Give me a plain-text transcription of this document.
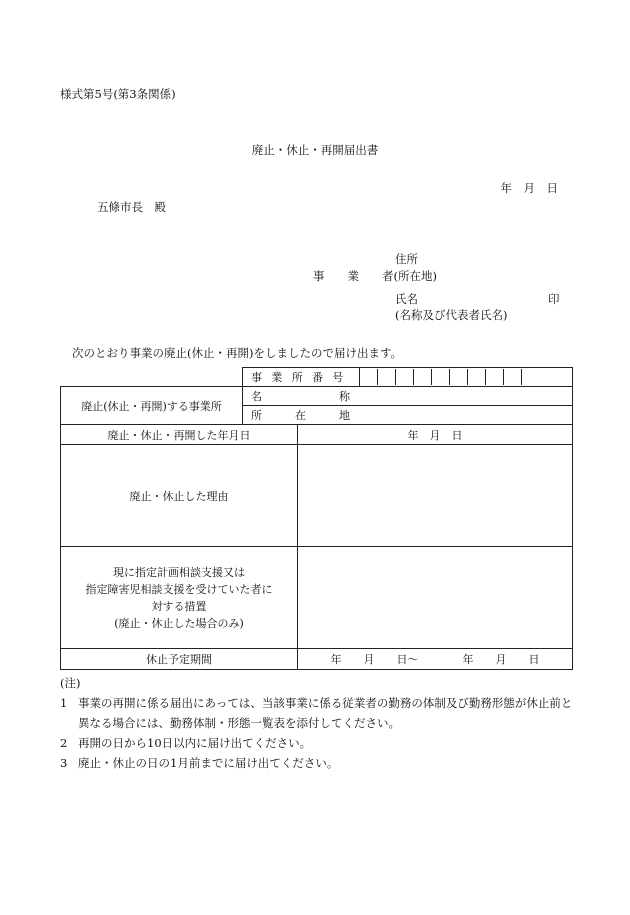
様式第5号(第3条関係)
廃止・休止・再開届出書
年　月　日
五條市長　殿
住所
事　　業　　者(所在地)
氏名	印
(名称及び代表者氏名)
次のとおり事業の廃止(休止・再開)をしましたので届け出ます。
	事業所番号		
廃止(休止・再開)する事業所	名　　　　　　　称		
	所　　　在　　　地		
廃止・休止・再開した年月日		年　月　日	
廃止・休止した理由			

現に指定計画相談支援又は
指定障害児相談支援を受けていた者に
対する措置
(廃止・休止した場合のみ)			

休止予定期間		年　　月　　日〜　　　　年　　月　　日	
(注)
1 事業の再開に係る届出にあっては、当該事業に係る従業者の勤務の体制及び勤務形態が休止前と異なる場合には、勤務体制・形態一覧表を添付してください。
2 再開の日から10日以内に届け出てください。
3 廃止・休止の日の1月前までに届け出てください。
